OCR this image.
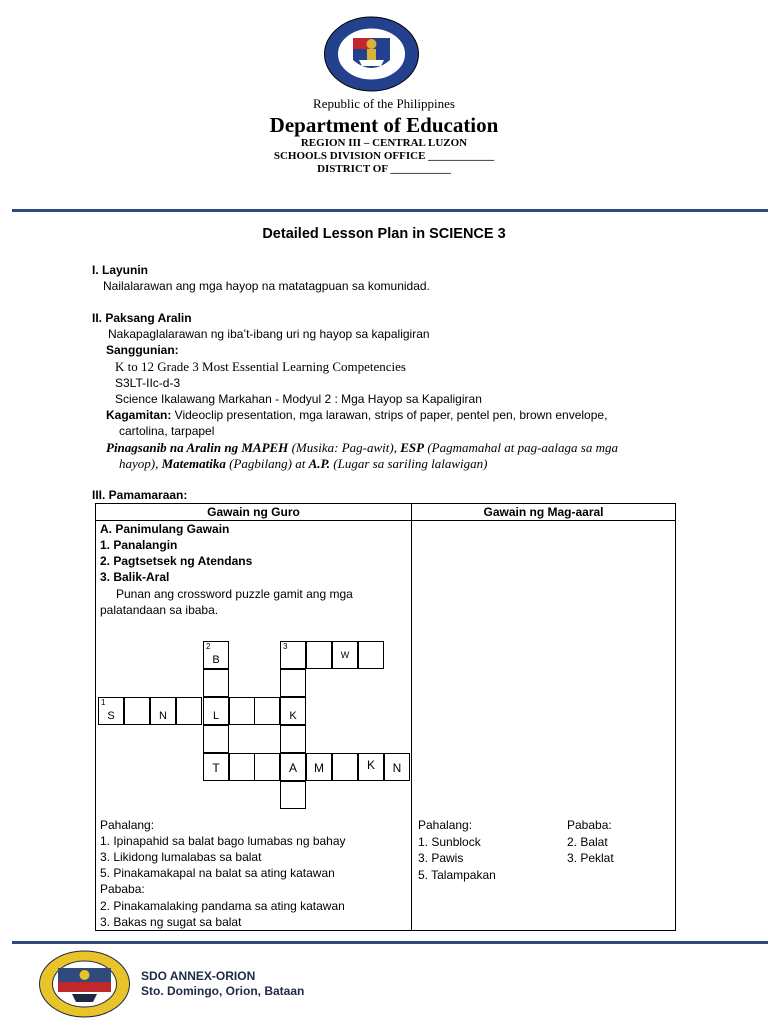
Republic of the Philippines
Department of Education
REGION III – CENTRAL LUZON
SCHOOLS DIVISION OFFICE ____________
DISTRICT OF ___________
Detailed Lesson Plan in SCIENCE 3
I. Layunin
Nailalarawan ang mga hayop na matatagpuan sa komunidad.
II. Paksang Aralin
Nakapaglalarawan ng iba’t-ibang uri ng hayop sa kapaligiran
Sanggunian:
K to 12 Grade 3 Most Essential Learning Competencies
S3LT-IIc-d-3
Science Ikalawang Markahan - Modyul 2 : Mga Hayop sa Kapaligiran
Kagamitan: Videoclip presentation, mga larawan, strips of paper, pentel pen, brown envelope,
cartolina, tarpapel
Pinagsanib na Aralin ng MAPEH (Musika: Pag-awit), ESP (Pagmamahal at pag-aalaga sa mga
hayop), Matematika (Pagbilang) at A.P. (Lugar sa sariling lalawigan)
III. Pamamaraan:
Gawain ng Guro	Gawain ng Mag-aaral
A. Panimulang Gawain
1. Panalangin
2. Pagtsetsek ng Atendans
3. Balik-Aral
Punan ang crossword puzzle gamit ang mga
palatandaan sa ibaba.
2
B
3
W
1
S	N	L	K
T	A	M	K	N
Pahalang:
1. Ipinapahid sa balat bago lumabas ng bahay
3. Likidong lumalabas sa balat
5. Pinakamakapal na balat sa ating katawan
Pababa:
2. Pinakamalaking pandama sa ating katawan
3. Bakas ng sugat sa balat
Pahalang:
1. Sunblock
3. Pawis
5. Talampakan
Pababa:
2. Balat
3. Peklat
SDO ANNEX-ORION
Sto. Domingo, Orion, Bataan
